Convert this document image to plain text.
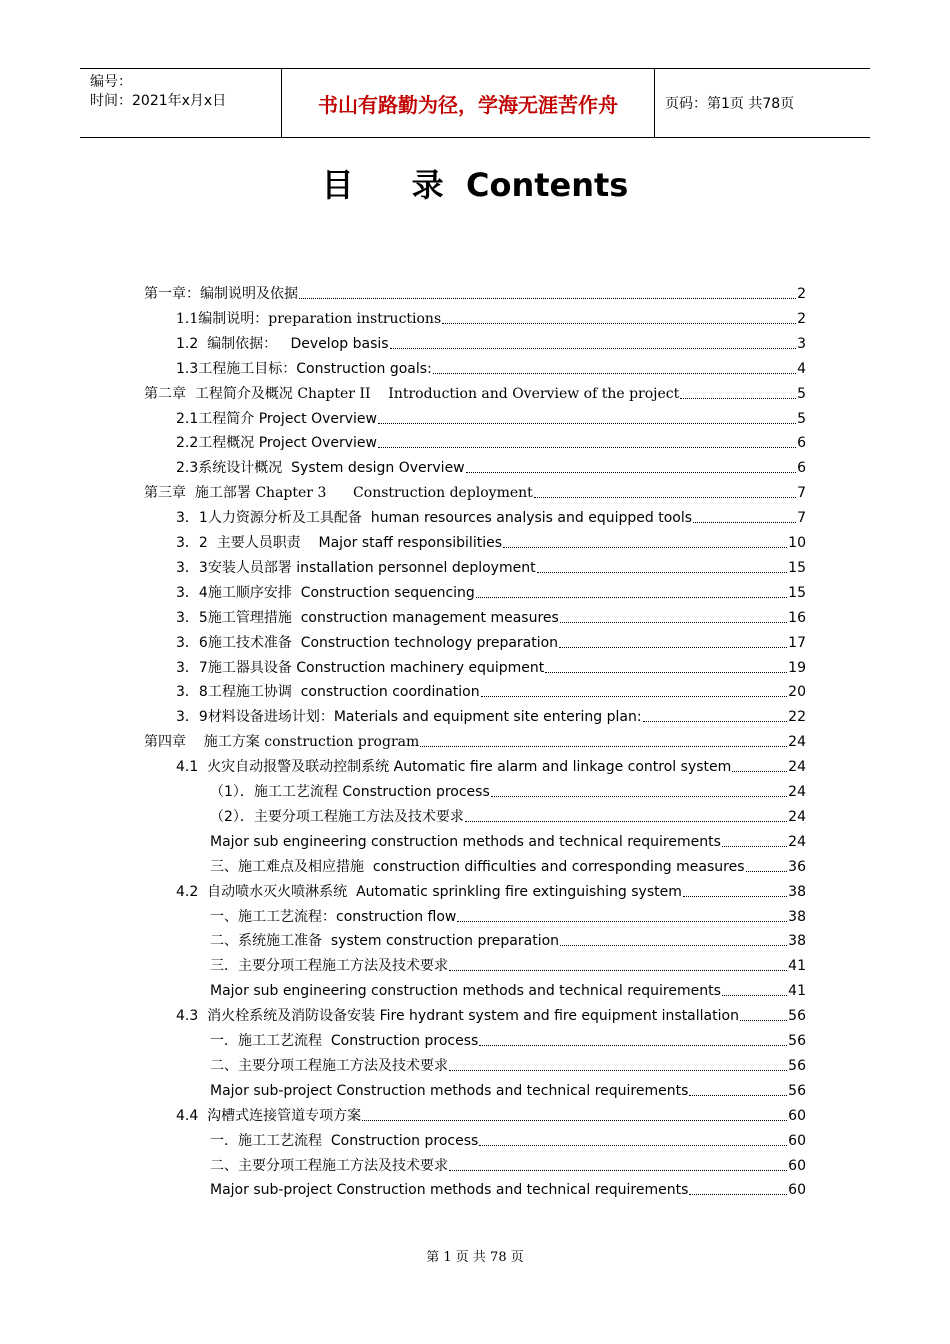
编号：
时间：2021年x月x日	书山有路勤为径，学海无涯苦作舟	页码：第1页 共78页
目 录 Contents
第一章：编制说明及依据	2
1.1编制说明：preparation instructions	2
1.2  编制依据：   Develop basis	3
1.3工程施工目标：Construction goals:	4
第二章  工程简介及概况 Chapter II    Introduction and Overview of the project	5
2.1工程简介 Project Overview	5
2.2工程概况 Project Overview	6
2.3系统设计概况  System design Overview	6
第三章  施工部署 Chapter 3      Construction deployment	7
3．1人力资源分析及工具配备  human resources analysis and equipped tools	7
3．2  主要人员职责    Major staff responsibilities	10
3．3安装人员部署 installation personnel deployment	15
3．4施工顺序安排  Construction sequencing	15
3．5施工管理措施  construction management measures	16
3．6施工技术准备  Construction technology preparation	17
3．7施工器具设备 Construction machinery equipment	19
3．8工程施工协调  construction coordination	20
3．9材料设备进场计划：Materials and equipment site entering plan:	22
第四章    施工方案 construction program	24
4.1  火灾自动报警及联动控制系统 Automatic fire alarm and linkage control system	24
（1）．施工工艺流程 Construction process	24
（2）．主要分项工程施工方法及技术要求	24
Major sub engineering construction methods and technical requirements	24
三、施工难点及相应措施  construction difficulties and corresponding measures	36
4.2  自动喷水灭火喷淋系统  Automatic sprinkling fire extinguishing system	38
一、施工工艺流程：construction flow	38
二、系统施工准备  system construction preparation	38
三．主要分项工程施工方法及技术要求	41
Major sub engineering construction methods and technical requirements	41
4.3  消火栓系统及消防设备安装 Fire hydrant system and fire equipment installation	56
一．施工工艺流程  Construction process	56
二、主要分项工程施工方法及技术要求	56
Major sub-project Construction methods and technical requirements	56
4.4  沟槽式连接管道专项方案	60
一．施工工艺流程  Construction process	60
二、主要分项工程施工方法及技术要求	60
Major sub-project Construction methods and technical requirements	60
第 1 页 共 78 页
